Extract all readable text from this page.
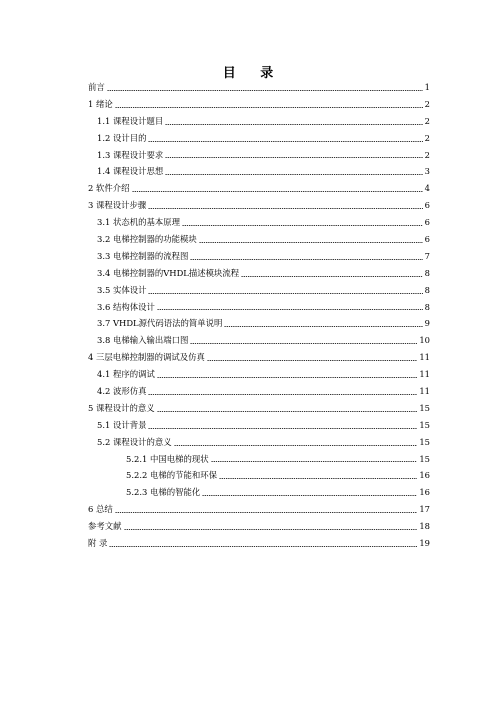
目 录
前言	1
1 绪论	2
1.1 课程设计题目	2
1.2 设计目的	2
1.3 课程设计要求	2
1.4 课程设计思想	3
2 软件介绍	4
3 课程设计步骤	6
3.1 状态机的基本原理	6
3.2 电梯控制器的功能模块	6
3.3 电梯控制器的流程图	7
3.4 电梯控制器的VHDL描述模块流程	8
3.5 实体设计	8
3.6 结构体设计	8
3.7 VHDL源代码语法的简单说明	9
3.8 电梯输入输出端口图	10
4 三层电梯控制器的调试及仿真	11
4.1 程序的调试	11
4.2 波形仿真	11
5 课程设计的意义	15
5.1 设计背景	15
5.2 课程设计的意义	15
5.2.1 中国电梯的现状	15
5.2.2 电梯的节能和环保	16
5.2.3 电梯的智能化	16
6 总结	17
参考文献	18
附 录	19
